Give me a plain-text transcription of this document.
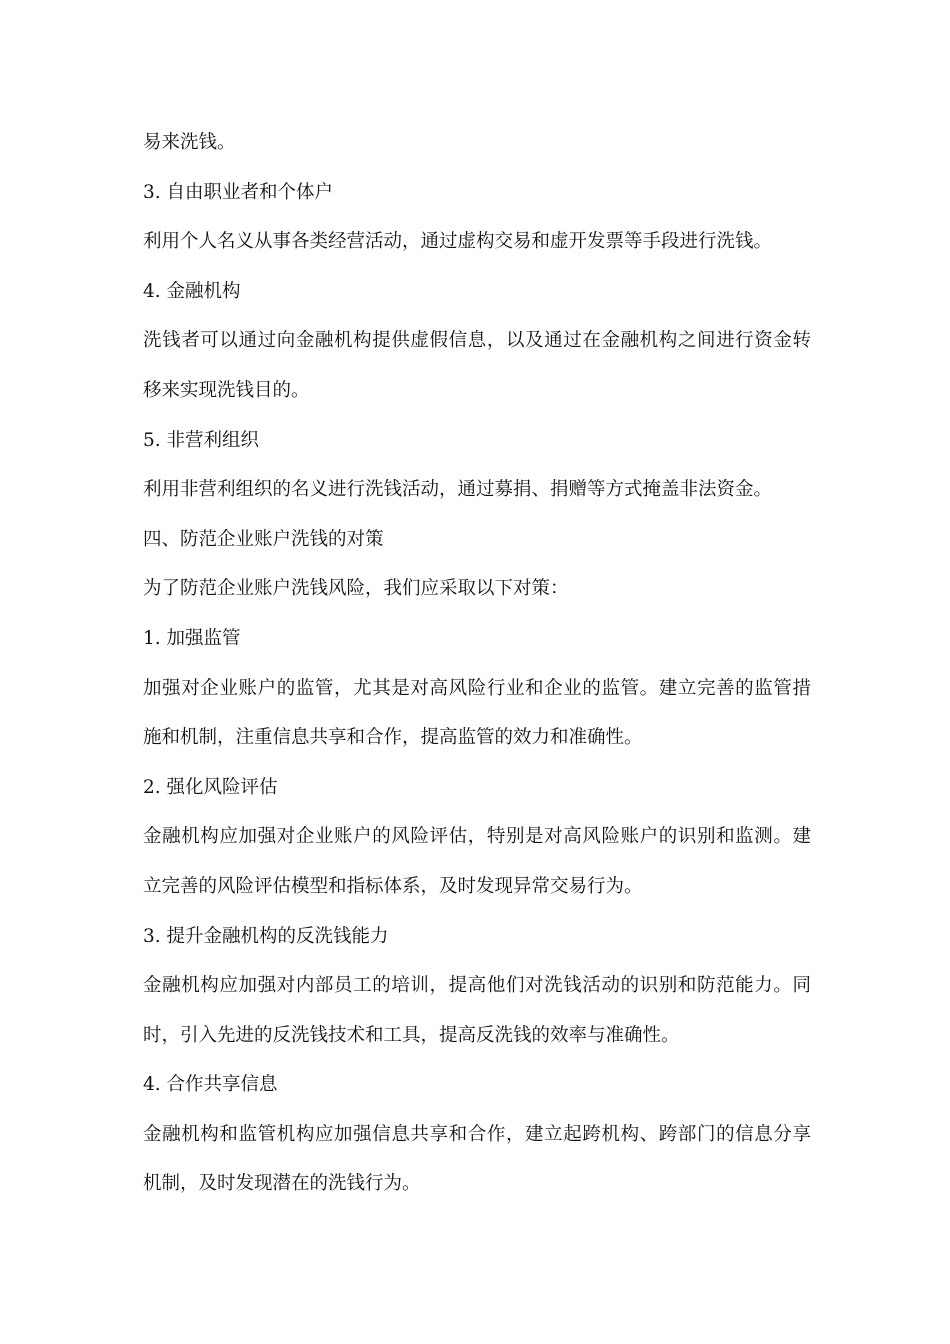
易来洗钱。
3. 自由职业者和个体户
利用个人名义从事各类经营活动，通过虚构交易和虚开发票等手段进行洗钱。
4. 金融机构
洗钱者可以通过向金融机构提供虚假信息，以及通过在金融机构之间进行资金转
移来实现洗钱目的。
5. 非营利组织
利用非营利组织的名义进行洗钱活动，通过募捐、捐赠等方式掩盖非法资金。
四、防范企业账户洗钱的对策
为了防范企业账户洗钱风险，我们应采取以下对策：
1. 加强监管
加强对企业账户的监管，尤其是对高风险行业和企业的监管。建立完善的监管措
施和机制，注重信息共享和合作，提高监管的效力和准确性。
2. 强化风险评估
金融机构应加强对企业账户的风险评估，特别是对高风险账户的识别和监测。建
立完善的风险评估模型和指标体系，及时发现异常交易行为。
3. 提升金融机构的反洗钱能力
金融机构应加强对内部员工的培训，提高他们对洗钱活动的识别和防范能力。同
时，引入先进的反洗钱技术和工具，提高反洗钱的效率与准确性。
4. 合作共享信息
金融机构和监管机构应加强信息共享和合作，建立起跨机构、跨部门的信息分享
机制，及时发现潜在的洗钱行为。
